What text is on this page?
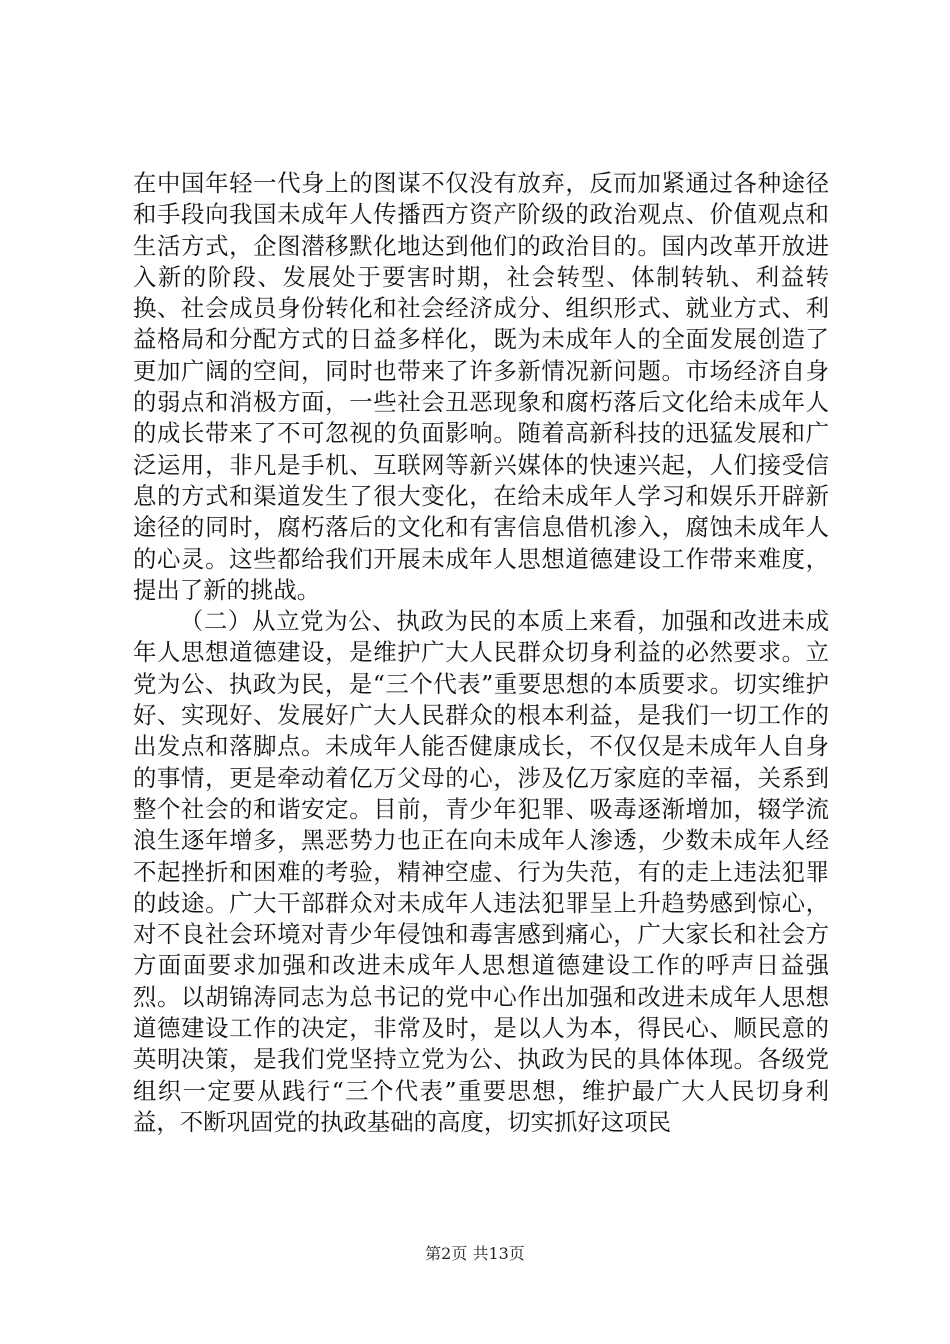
在中国年轻一代身上的图谋不仅没有放弃，反而加紧通过各种途径和手段向我国未成年人传播西方资产阶级的政治观点、价值观点和生活方式，企图潜移默化地达到他们的政治目的。国内改革开放进入新的阶段、发展处于要害时期，社会转型、体制转轨、利益转换、社会成员身份转化和社会经济成分、组织形式、就业方式、利益格局和分配方式的日益多样化，既为未成年人的全面发展创造了更加广阔的空间，同时也带来了许多新情况新问题。市场经济自身的弱点和消极方面，一些社会丑恶现象和腐朽落后文化给未成年人的成长带来了不可忽视的负面影响。随着高新科技的迅猛发展和广泛运用，非凡是手机、互联网等新兴媒体的快速兴起，人们接受信息的方式和渠道发生了很大变化，在给未成年人学习和娱乐开辟新途径的同时，腐朽落后的文化和有害信息借机渗入，腐蚀未成年人的心灵。这些都给我们开展未成年人思想道德建设工作带来难度，提出了新的挑战。

（二）从立党为公、执政为民的本质上来看，加强和改进未成年人思想道德建设，是维护广大人民群众切身利益的必然要求。立党为公、执政为民，是“三个代表”重要思想的本质要求。切实维护好、实现好、发展好广大人民群众的根本利益，是我们一切工作的出发点和落脚点。未成年人能否健康成长，不仅仅是未成年人自身的事情，更是牵动着亿万父母的心，涉及亿万家庭的幸福，关系到整个社会的和谐安定。目前，青少年犯罪、吸毒逐渐增加，辍学流浪生逐年增多，黑恶势力也正在向未成年人渗透，少数未成年人经不起挫折和困难的考验，精神空虚、行为失范，有的走上违法犯罪的歧途。广大干部群众对未成年人违法犯罪呈上升趋势感到惊心，对不良社会环境对青少年侵蚀和毒害感到痛心，广大家长和社会方方面面要求加强和改进未成年人思想道德建设工作的呼声日益强烈。以胡锦涛同志为总书记的党中心作出加强和改进未成年人思想道德建设工作的决定，非常及时，是以人为本，得民心、顺民意的英明决策，是我们党坚持立党为公、执政为民的具体体现。各级党组织一定要从践行“三个代表”重要思想，维护最广大人民切身利益，不断巩固党的执政基础的高度，切实抓好这项民

第2页 共13页
